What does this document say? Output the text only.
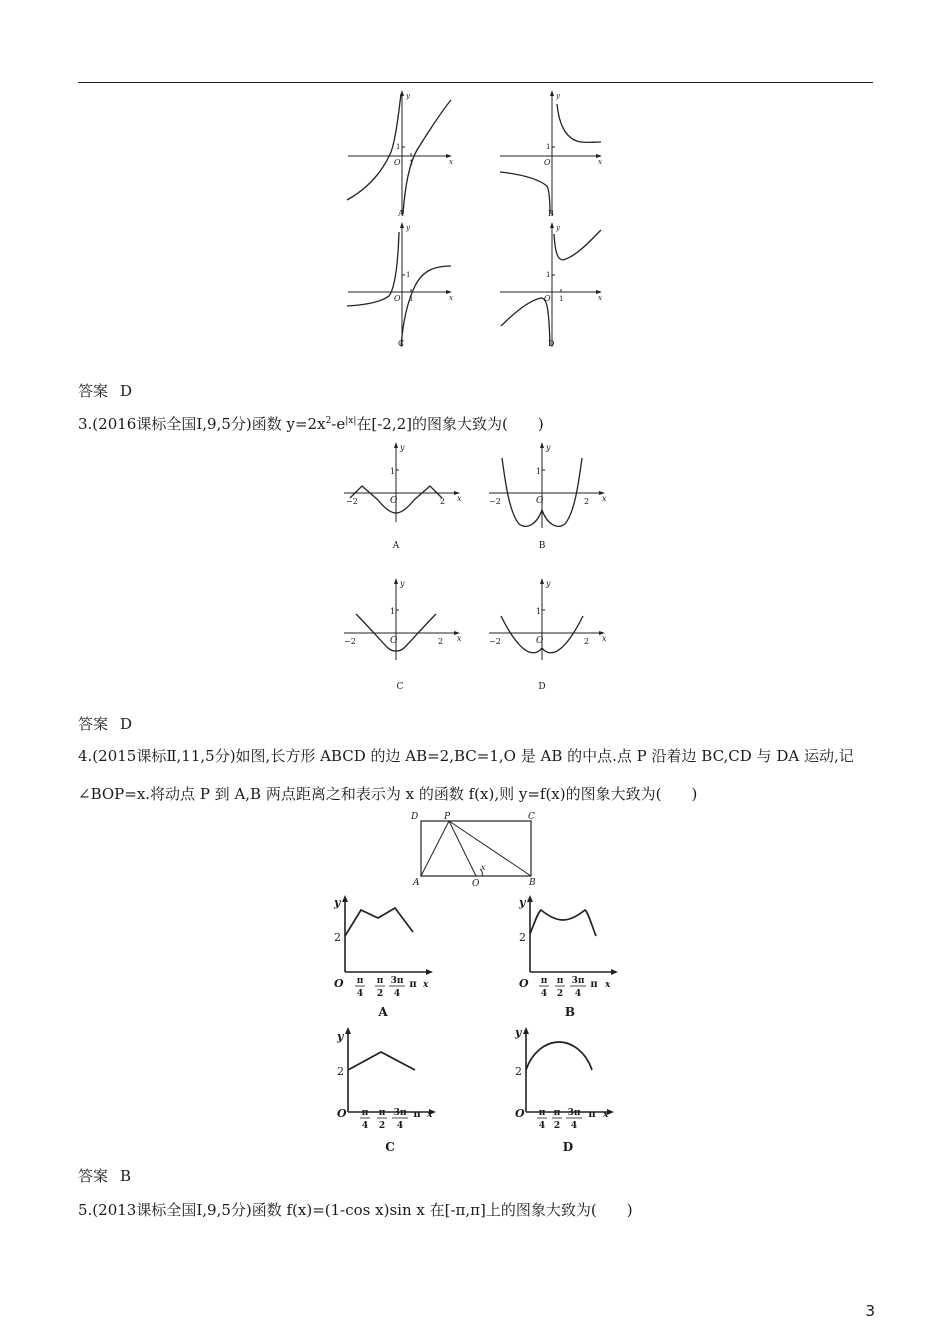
y
x
O 1
1
A
y
x
O
1
B
y
x
O 1
1
C
y
x
O 1
1
D
答案 D
3.(2016课标全国Ⅰ,9,5分)函数 $y=2x^2-e^{|x|}$在[-2,2]的图象大致为(　　)
y
x
O
1
−2	2
A
y
x
O
1
−2	2
B
y
x
O
1
−2	2
C
y
x
O
1
−2	2
D
答案 D
4.(2015课标Ⅱ,11,5分)如图,长方形 ABCD 的边 AB=2,BC=1,O 是 AB 的中点.点 P 沿着边 BC,CD 与 DA 运动,记
∠BOP=x.将动点 P 到 A,B 两点距离之和表示为 x 的函数 f(x),则 y=f(x)的图象大致为(　　)
D	P	C
A	O	B
x
y
2
O π
4
π
2
3π
4
π x
A
y
2
O π
4
π
2
3π
4
π x
B
y
2
O π
4
π
2
3π
4
π x
C
y
2
O π
4
π
2
3π
4
π x
D
答案 B
5.(2013课标全国Ⅰ,9,5分)函数 f(x)=(1-cos x)sin x 在[-π,π]上的图象大致为(　　)
3
